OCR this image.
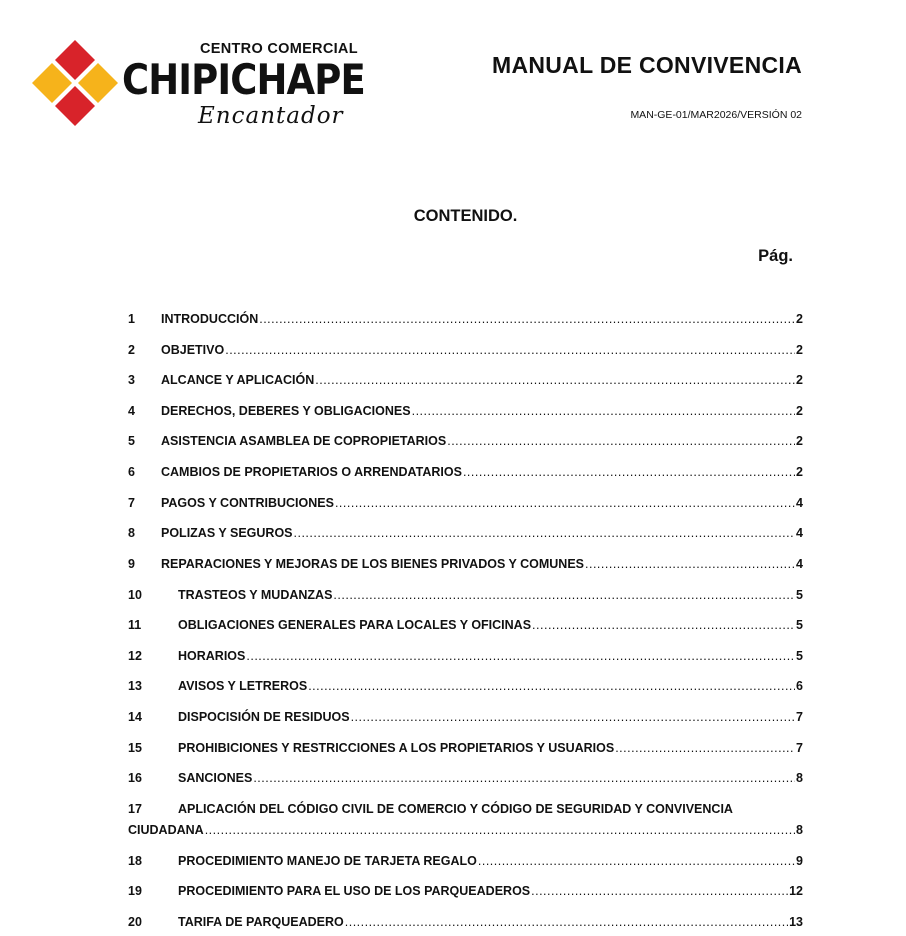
CENTRO COMERCIAL
CHIPICHAPE
Encantador
MANUAL DE CONVIVENCIA
MAN-GE-01/MAR2026/VERSIÓN 02
CONTENIDO.
Pág.
1	INTRODUCCIÓN .....	2
2	OBJETIVO .....	2
3	ALCANCE Y APLICACIÓN .....	2
4	DERECHOS, DEBERES Y OBLIGACIONES .....	2
5	ASISTENCIA ASAMBLEA DE COPROPIETARIOS .....	2
6	CAMBIOS DE PROPIETARIOS O ARRENDATARIOS .....	2
7	PAGOS Y CONTRIBUCIONES .....	4
8	POLIZAS Y SEGUROS .....	4
9	REPARACIONES Y MEJORAS DE LOS BIENES PRIVADOS Y COMUNES .....	4
10	TRASTEOS Y MUDANZAS .....	5
11	OBLIGACIONES GENERALES PARA LOCALES Y OFICINAS .....	5
12	HORARIOS .....	5
13	AVISOS Y LETREROS .....	6
14	DISPOCISIÓN DE RESIDUOS .....	7
15	PROHIBICIONES Y RESTRICCIONES A LOS PROPIETARIOS Y USUARIOS .....	7
16	SANCIONES .....	8
17	APLICACIÓN DEL CÓDIGO CIVIL DE COMERCIO Y CÓDIGO DE SEGURIDAD Y CONVIVENCIA
CIUDADANA .....	8
18	PROCEDIMIENTO MANEJO DE TARJETA REGALO .....	9
19	PROCEDIMIENTO PARA EL USO DE LOS PARQUEADEROS .....	12
20	TARIFA DE PARQUEADERO .....	13
